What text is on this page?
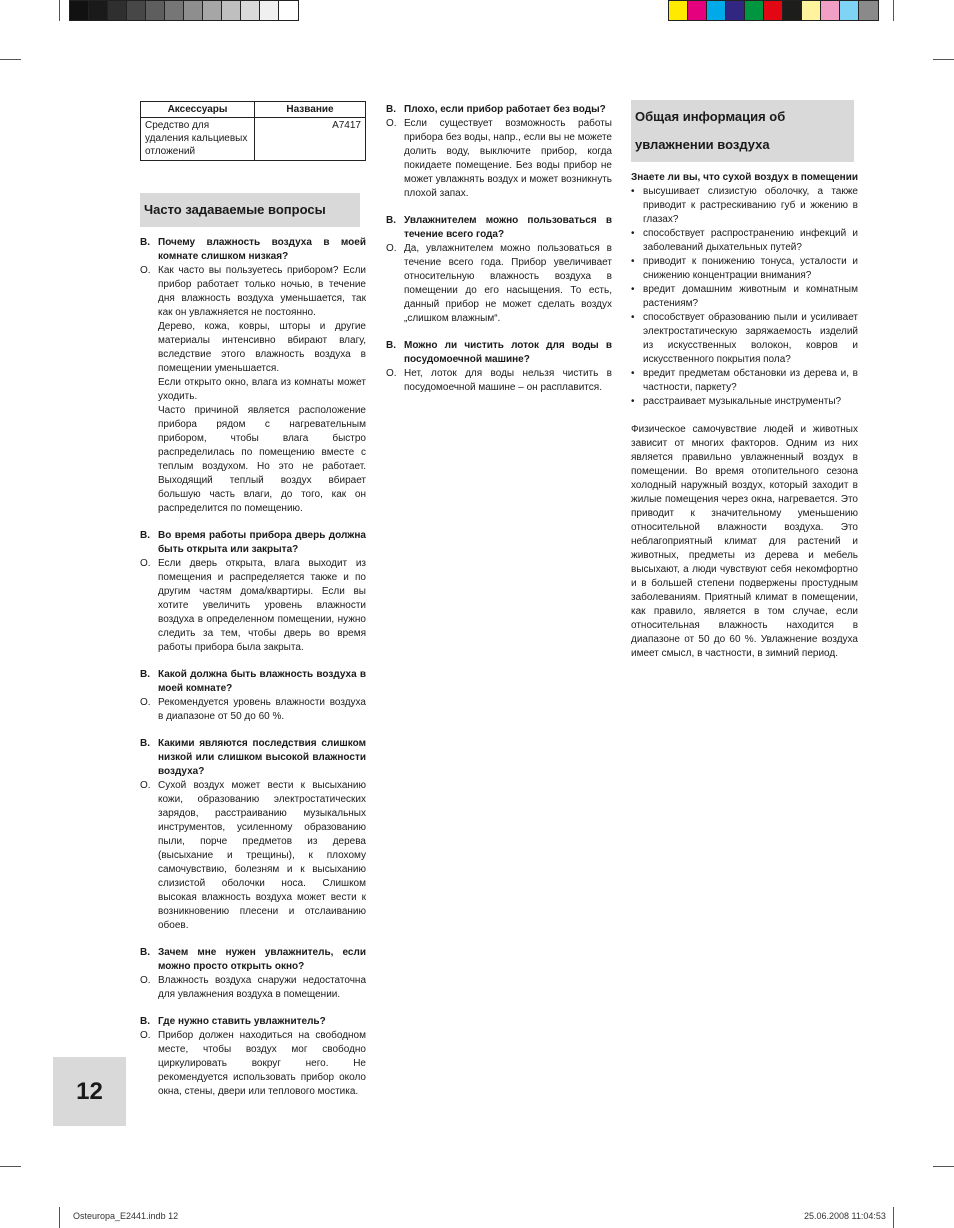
Аксессуары	Название
Средство для удаления кальциевых отложений	A7417
Часто задаваемые вопросы
В. Почему влажность воздуха в моей комнате слишком низкая?
О. Как часто вы пользуетесь прибором? Если прибор работает только ночью, в течение дня влажность воздуха уменьшается, так как он увлажняется не постоянно.
Дерево, кожа, ковры, шторы и другие материалы интенсивно вбирают влагу, вследствие этого влажность воздуха в помещении уменьшается.
Если открыто окно, влага из комнаты может уходить.
Часто причиной является расположение прибора рядом с нагревательным прибором, чтобы влага быстро распределилась по помещению вместе с теплым воздухом. Но это не работает. Выходящий теплый воздух вбирает большую часть влаги, до того, как он распределится по помещению.
В. Во время работы прибора дверь должна быть открыта или закрыта?
О. Если дверь открыта, влага выходит из помещения и распределяется также и по другим частям дома/квартиры. Если вы хотите увеличить уровень влажности воздуха в определенном помещении, нужно следить за тем, чтобы дверь во время работы прибора была закрыта.
В. Какой должна быть влажность воздуха в моей комнате?
О. Рекомендуется уровень влажности воздуха в диапазоне от 50 до 60 %.
В. Какими являются последствия слишком низкой или слишком высокой влажности воздуха?
О. Сухой воздух может вести к высыханию кожи, образованию электростатических зарядов, расстраиванию музыкальных инструментов, усиленному образованию пыли, порче предметов из дерева (высыхание и трещины), к плохому самочувствию, болезням и к высыханию слизистой оболочки носа. Слишком высокая влажность воздуха может вести к возникновению плесени и отслаиванию обоев.
В. Зачем мне нужен увлажнитель, если можно просто открыть окно?
О. Влажность воздуха снаружи недостаточна для увлажнения воздуха в помещении.
В. Где нужно ставить увлажнитель?
О. Прибор должен находиться на свободном месте, чтобы воздух мог свободно циркулировать вокруг него. Не рекомендуется использовать прибор около окна, стены, двери или теплового мостика.
В. Плохо, если прибор работает без воды?
О. Если существует возможность работы прибора без воды, напр., если вы не можете долить воду, выключите прибор, когда покидаете помещение. Без воды прибор не может увлажнять воздух и может возникнуть плохой запах.
В. Увлажнителем можно пользоваться в течение всего года?
О. Да, увлажнителем можно пользоваться в течение всего года. Прибор увеличивает относительную влажность воздуха в помещении до его насыщения. То есть, данный прибор не может сделать воздух „слишком влажным“.
В. Можно ли чистить лоток для воды в посудомоечной машине?
О. Нет, лоток для воды нельзя чистить в посудомоечной машине – он расплавится.
Общая информация об увлажнении воздуха
Знаете ли вы, что сухой воздух в помещении
• высушивает слизистую оболочку, а также приводит к растрескиванию губ и жжению в глазах?
• способствует распространению инфекций и заболеваний дыхательных путей?
• приводит к понижению тонуса, усталости и снижению концентрации внимания?
• вредит домашним животным и комнатным растениям?
• способствует образованию пыли и усиливает электростатическую заряжаемость изделий из искусственных волокон, ковров и искусственного покрытия пола?
• вредит предметам обстановки из дерева и, в частности, паркету?
• расстраивает музыкальные инструменты?
Физическое самочувствие людей и животных зависит от многих факторов. Одним из них является правильно увлажненный воздух в помещении. Во время отопительного сезона холодный наружный воздух, который заходит в жилые помещения через окна, нагревается. Это приводит к значительному уменьшению относительной влажности воздуха. Это неблагоприятный климат для растений и животных, предметы из дерева и мебель высыхают, а люди чувствуют себя некомфортно и в большей степени подвержены простудным заболеваниям. Приятный климат в помещении, как правило, является в том случае, если относительная влажность находится в диапазоне от 50 до 60 %. Увлажнение воздуха имеет смысл, в частности, в зимний период.
12
Osteuropa_E2441.indb 12	25.06.2008 11:04:53
